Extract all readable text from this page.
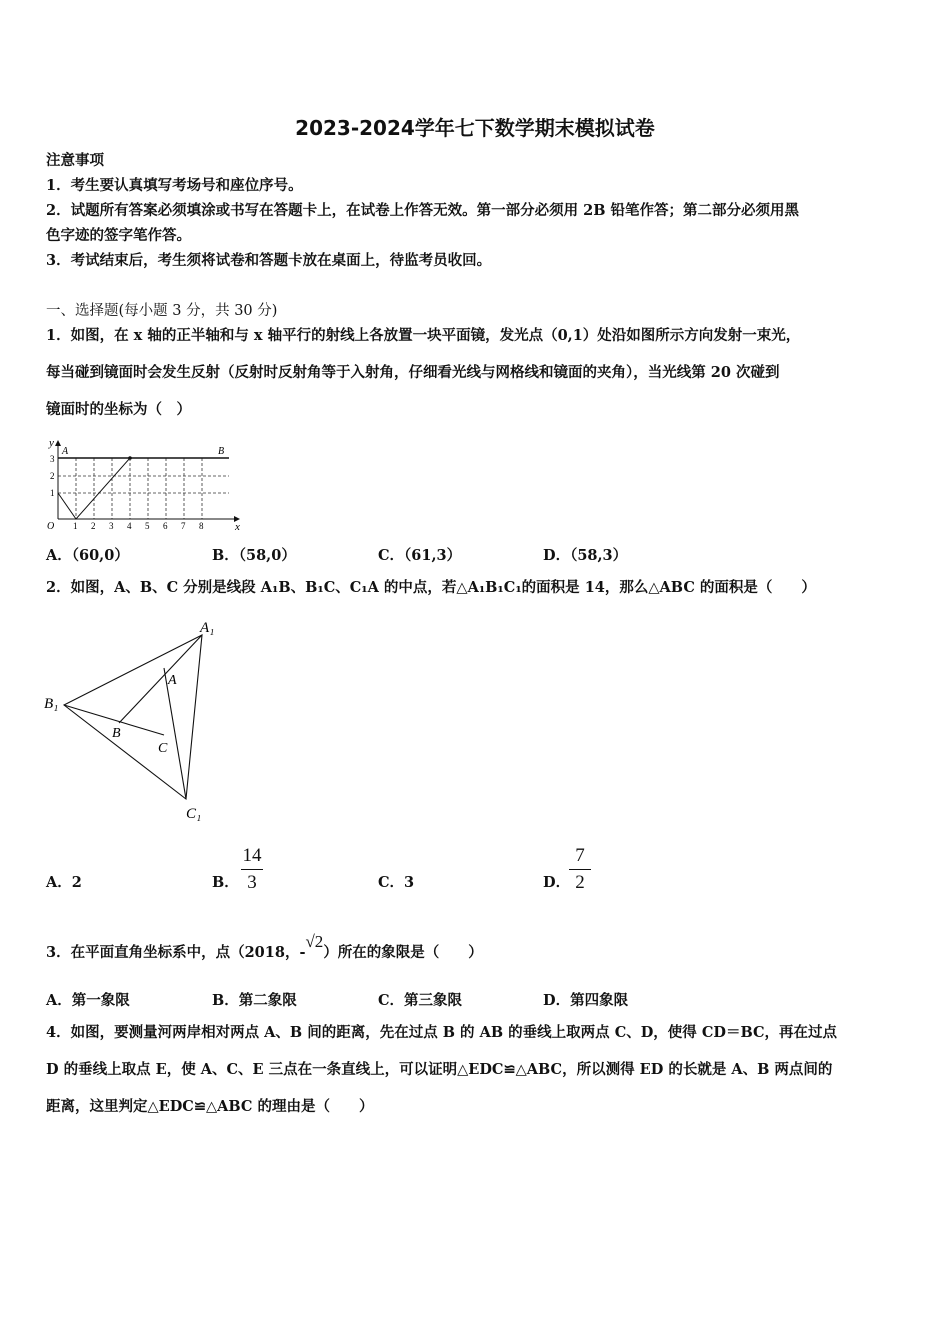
2023-2024学年七下数学期末模拟试卷
注意事项
1．考生要认真填写考场号和座位序号。
2．试题所有答案必须填涂或书写在答题卡上，在试卷上作答无效。第一部分必须用 2B 铅笔作答；第二部分必须用黑
色字迹的签字笔作答。
3．考试结束后，考生须将试卷和答题卡放在桌面上，待监考员收回。
一、选择题(每小题 3 分，共 30 分)
1．如图，在 x 轴的正半轴和与 x 轴平行的射线上各放置一块平面镜，发光点（0,1）处沿如图所示方向发射一束光，
每当碰到镜面时会发生反射（反射时反射角等于入射角，仔细看光线与网格线和镜面的夹角），当光线第 20 次碰到
镜面时的坐标为（　）
y
x
O
A	B
3
2
1
1 2 3 4 5 6 7 8
A．（60,0）	B．（58,0）	C．（61,3）	D．（58,3）
2．如图，A、B、C 分别是线段 A₁B、B₁C、C₁A 的中点，若△A₁B₁C₁的面积是 14，那么△ABC 的面积是（　　）
A₁
B₁
C₁
A
B
C
A．2	B．
14
3	C．3	D．
7
2
3．在平面直角坐标系中，点（2018，-√2）所在的象限是（　　）
A．第一象限	B．第二象限	C．第三象限	D．第四象限
4．如图，要测量河两岸相对两点 A、B 间的距离，先在过点 B 的 AB 的垂线上取两点 C、D，使得 CD＝BC，再在过点
D 的垂线上取点 E，使 A、C、E 三点在一条直线上，可以证明△EDC≌△ABC，所以测得 ED 的长就是 A、B 两点间的
距离，这里判定△EDC≌△ABC 的理由是（　　）
